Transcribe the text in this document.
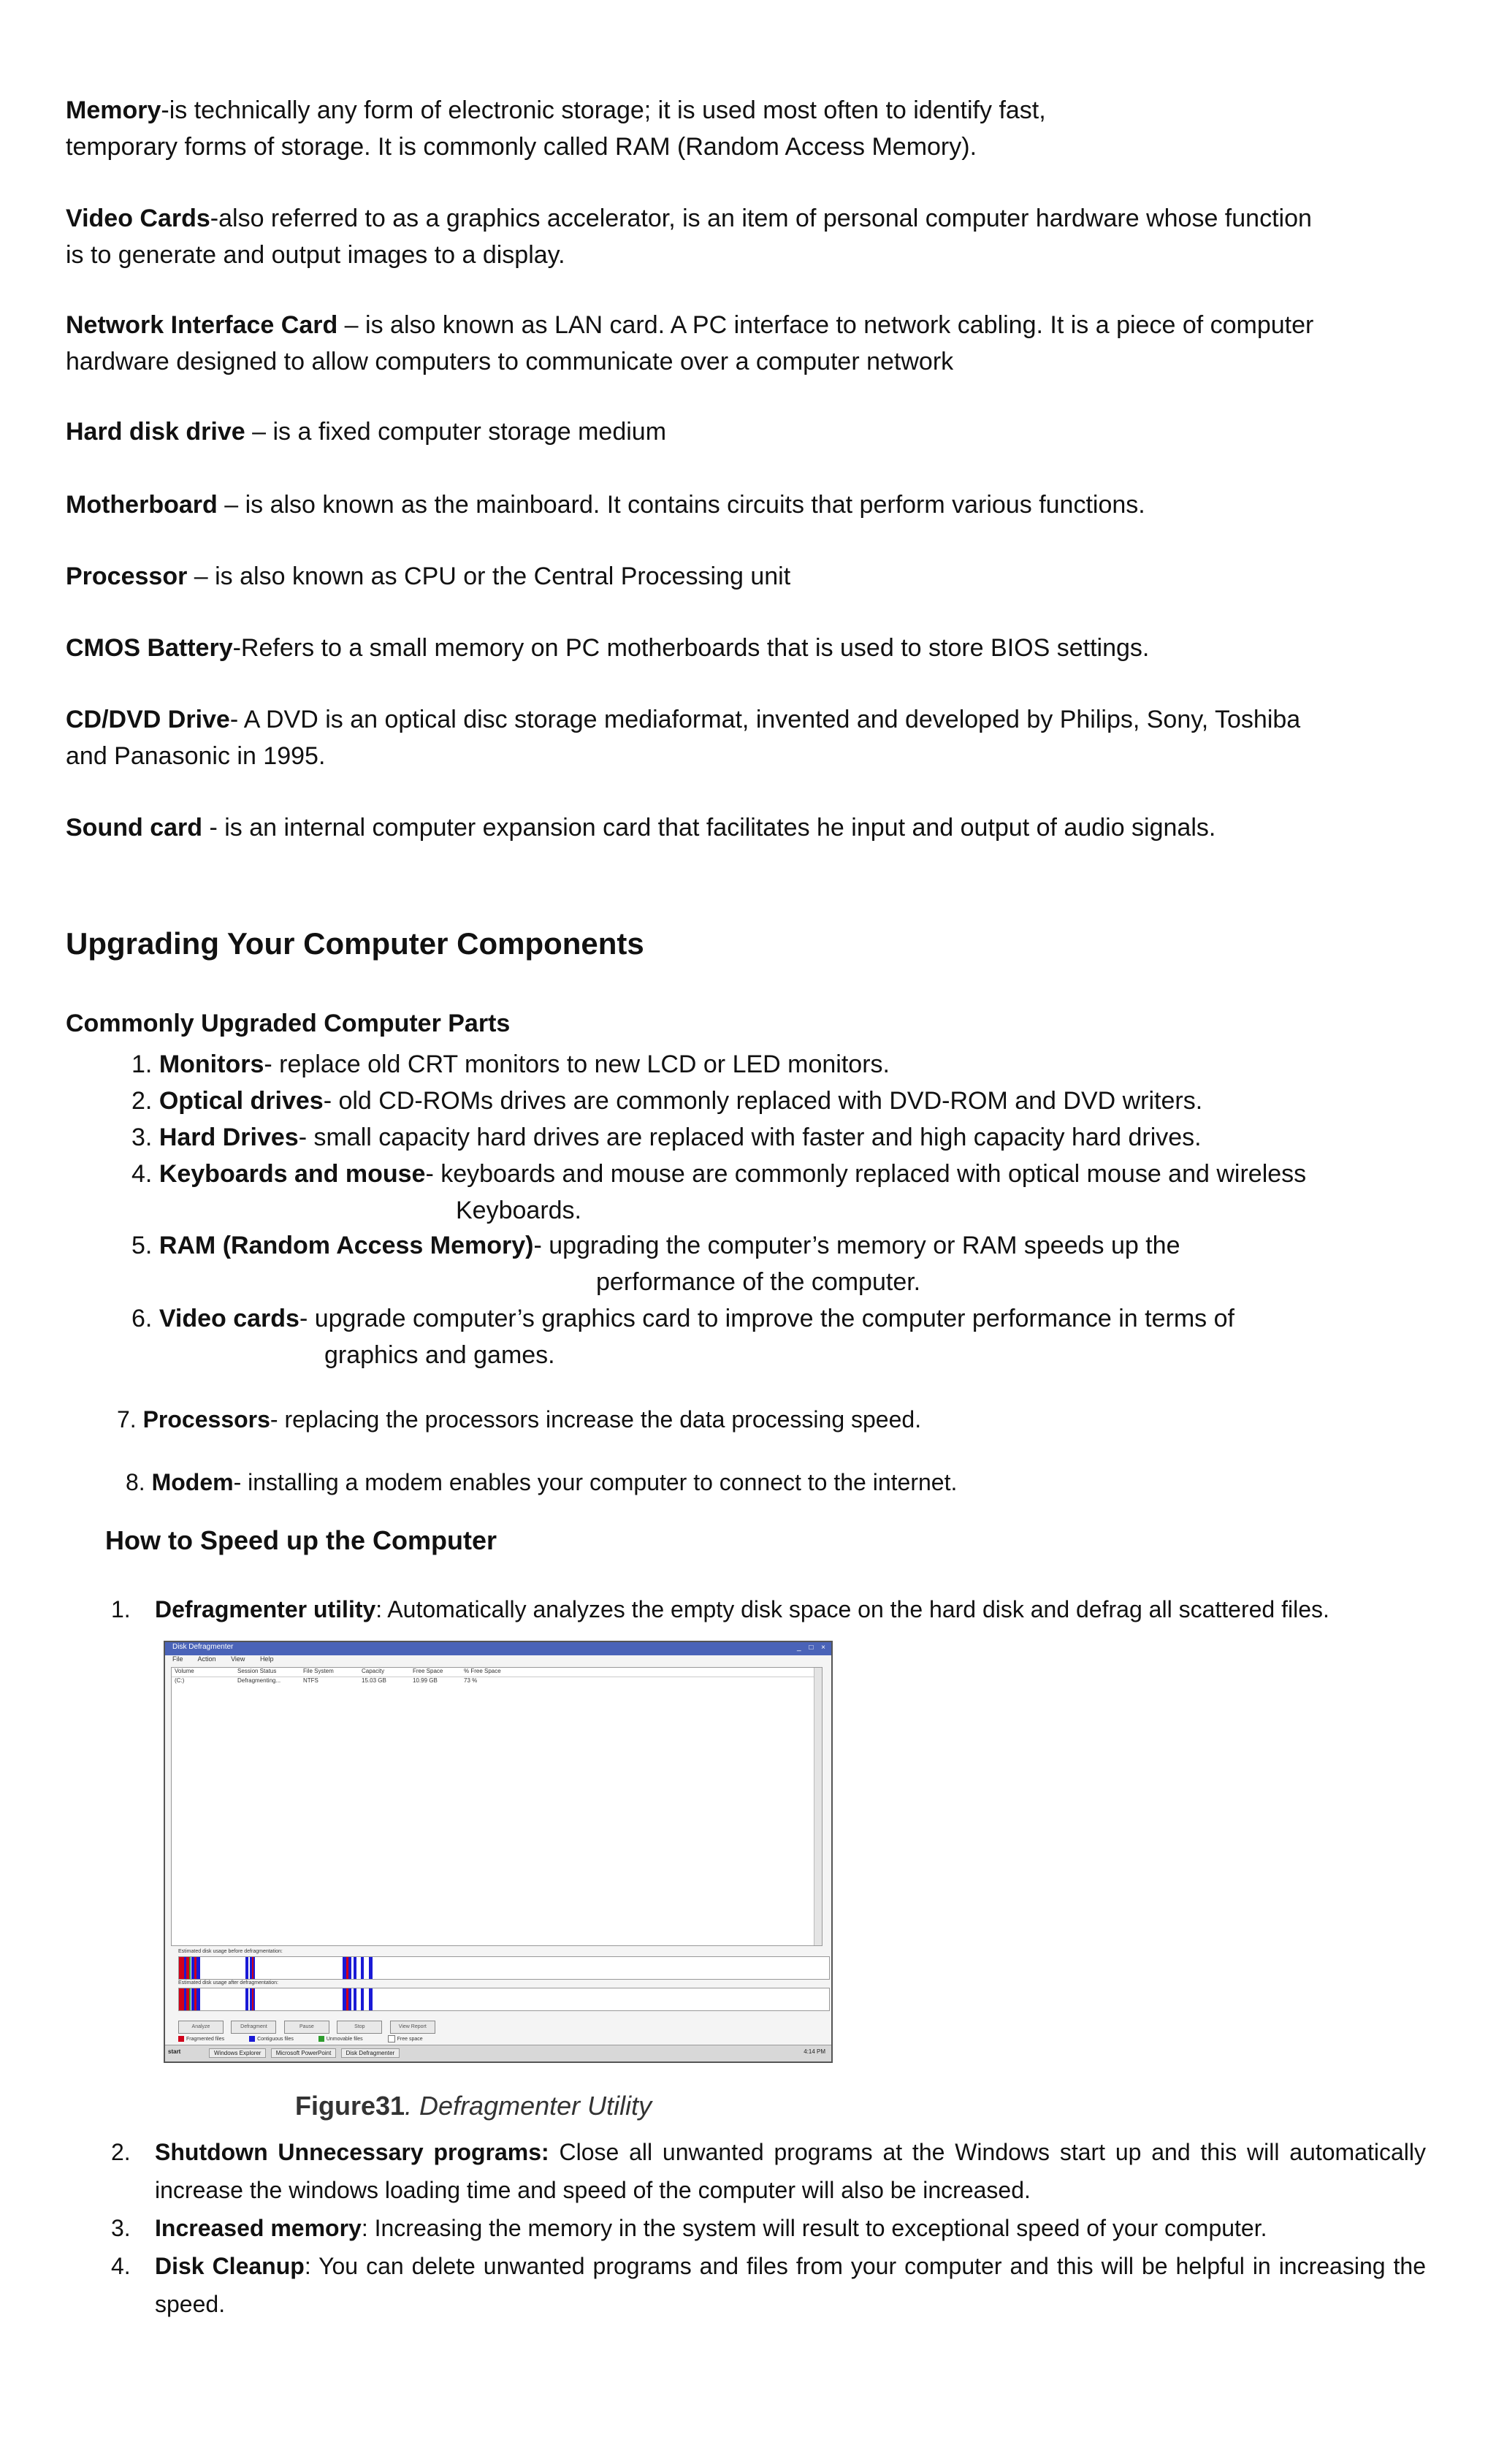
Memory-is technically any form of electronic storage; it is used most often to identify fast,
temporary forms of storage. It is commonly called RAM (Random Access Memory).

Video Cards-also referred to as a graphics accelerator, is an item of personal computer hardware whose function
is to generate and output images to a display.

Network Interface Card – is also known as LAN card. A PC interface to network cabling. It is a piece of computer
hardware designed to allow computers to communicate over a computer network

Hard disk drive – is a fixed computer storage medium

Motherboard – is also known as the mainboard. It contains circuits that perform various functions.

Processor – is also known as CPU or the Central Processing unit

CMOS Battery-Refers to a small memory on PC motherboards that is used to store BIOS settings.

CD/DVD Drive- A DVD is an optical disc storage mediaformat, invented and developed by Philips, Sony, Toshiba
and Panasonic in 1995.

Sound card - is an internal computer expansion card that facilitates he input and output of audio signals.

Upgrading Your Computer Components

Commonly Upgraded Computer Parts

1. Monitors- replace old CRT monitors to new LCD or LED monitors.

2. Optical drives- old CD-ROMs drives are commonly replaced with DVD-ROM and DVD writers.

3. Hard Drives- small capacity hard drives are replaced with faster and high capacity hard drives.

4. Keyboards and mouse- keyboards and mouse are commonly replaced with optical mouse and wireless

Keyboards.

5. RAM (Random Access Memory)- upgrading the computer’s memory or RAM speeds up the

performance of the computer.

6. Video cards- upgrade computer’s graphics card to improve the computer performance in terms of

graphics and games.

7. Processors- replacing the processors increase the data processing speed.

8. Modem- installing a modem enables your computer to connect to the internet.

How to Speed up the Computer
1. Defragmenter utility: Automatically analyzes the empty disk space on the hard disk and defrag all scattered files.
Disk Defragmenter	_ □ ×
File Action View Help
Volume	Session Status	File System	Capacity	Free Space	% Free Space
(C:)	Defragmenting...	NTFS	15.03 GB	10.99 GB	73 %
Estimated disk usage before defragmentation:
Estimated disk usage after defragmentation:
Analyze	Defragment	Pause	Stop	View Report
Fragmented files	Contiguous files	Unmovable files	Free space
start	Windows Explorer	Microsoft PowerPoint	Disk Defragmenter	4:14 PM
Figure31. Defragmenter Utility
2. Shutdown Unnecessary programs: Close all unwanted programs at the Windows start up and this will automatically increase the windows loading time and speed of the computer will also be increased.
3. Increased memory: Increasing the memory in the system will result to exceptional speed of your computer.
4. Disk Cleanup: You can delete unwanted programs and files from your computer and this will be helpful in increasing the speed.
